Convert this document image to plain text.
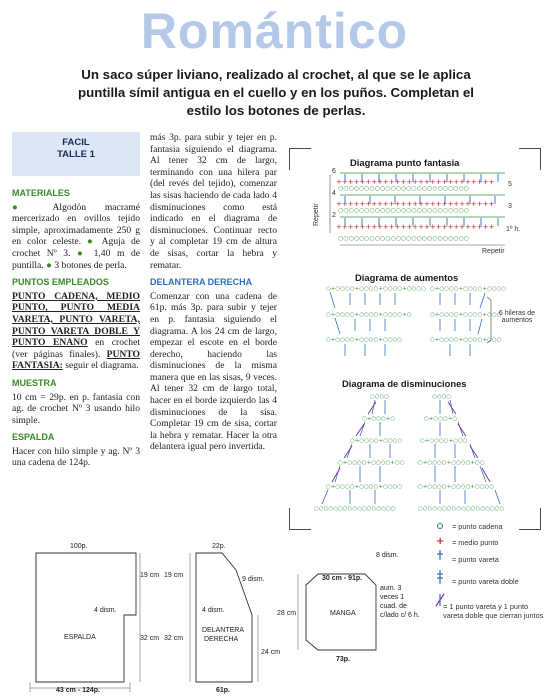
Romántico
Un saco súper liviano, realizado al crochet, al que se le aplica puntilla símil antigua en el cuello y en los puños. Completan el estilo los botones de perlas.
FACIL
TALLE 1
MATERIALES
● Algodón macramé mercerizado en ovillos tejido simple, aproximadamente 250 g en color celeste. ● Aguja de crochet Nº 3. ● 1,40 m de puntilla. ● 3 botones de perla.
PUNTOS EMPLEADOS
PUNTO CADENA, MEDIO PUNTO, PUNTO MEDIA VARETA, PUNTO VARETA, PUNTO VARETA DOBLE Y PUNTO ENANO en crochet (ver páginas finales). PUNTO FANTASIA: seguir el diagrama.
MUESTRA
10 cm = 29p. en p. fantasia con ag. de crochet Nº 3 usando hilo simple.
ESPALDA
Hacer con hilo simple y ag. Nº 3 una cadena de 124p.
más 3p. para subir y tejer en p. fantasia siguiendo el diagrama. Al tener 32 cm de largo, terminando con una hilera par (del revés del tejido), comenzar las sisas haciendo de cada lado 4 disminuciones como está indicado en el diagrama de disminuciones. Continuar recto y al completar 19 cm de altura de sisas, cortar la hebra y rematar.
DELANTERA DERECHA
Comenzar con una cadena de 61p. más 3p. para subir y tejer en p. fantasia siguiendo el diagrama. A los 24 cm de largo, empezar el escote en el borde derecho, haciendo las disminuciones de la misma manera que en las sisas, 9 veces. Al tener 32 cm de largo total, hacer en el borde izquierdo las 4 disminuciones de la sisa. Completar 19 cm de sisa, cortar la hebra y rematar. Hacer la otra delantera igual pero invertida.
Diagrama punto fantasia
Diagrama de aumentos
Diagrama de disminuciones
+++++++++++++++++++++++++++
+++++++++++++++++++++++++++
+++++++++++++++++++++++++++
○○○○○○○○○○○○○○○○○○○○○○○○○
○○○○○○○○○○○○○○○○○○○○○○○○○
○○○○○○○○○○○○○○○○○○○○○○○○○
○+○○○○+○○○○+○○○○+○○○○ ○+○○○○+○○○○+○○○○
○+○○○○+○○○○+○○○○+○	○+○○○○+○○○○+○○○
○+○○○○+○○○○+○○○○	○+○○○○+○○○○+○○○
○○○○	○○○○
○+○○○+○	○+○○○+○
○+○○○○+○○○○	○+○○○○+○○○
○+○○○○+○○○○+○○ ○+○○○○+○○○○+○○
○+○○○○+○○○○+○○○○	○+○○○○+○○○○+○○○○
○○○○○○○○○○○○○○○○○	○○○○○○○○○○○○○○○○○○
+
6
4
2
5
3
1º h.
Repetir
Repetir
6 hileras de aumentos
= punto cadena
= medio punto
= punto vareta
= punto vareta doble
= 1 punto vareta y 1 punto vareta doble que cierran juntos
100p.
4 dism.
ESPALDA
19 cm
32 cm
43 cm - 124p.
22p.
19 cm
9 dism.
4 dism.
DELANTERA
DERECHA
32 cm
24 cm
61p.
8 dism.
30 cm - 91p.
MANGA
28 cm
aum. 3 veces 1 cuad. de c/lado c/ 6 h.
73p.
